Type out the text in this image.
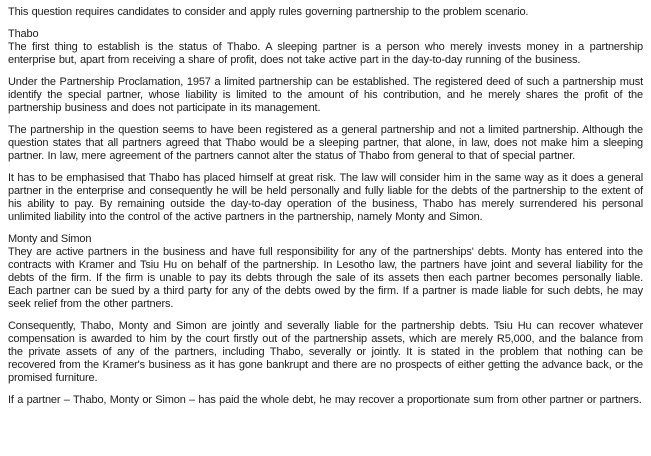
This question requires candidates to consider and apply rules governing partnership to the problem scenario.

Thabo

The first thing to establish is the status of Thabo. A sleeping partner is a person who merely invests money in a partnership enterprise but, apart from receiving a share of profit, does not take active part in the day-to-day running of the business.

Under the Partnership Proclamation, 1957 a limited partnership can be established. The registered deed of such a partnership must identify the special partner, whose liability is limited to the amount of his contribution, and he merely shares the profit of the partnership business and does not participate in its management.

The partnership in the question seems to have been registered as a general partnership and not a limited partnership. Although the question states that all partners agreed that Thabo would be a sleeping partner, that alone, in law, does not make him a sleeping partner. In law, mere agreement of the partners cannot alter the status of Thabo from general to that of special partner.

It has to be emphasised that Thabo has placed himself at great risk. The law will consider him in the same way as it does a general partner in the enterprise and consequently he will be held personally and fully liable for the debts of the partnership to the extent of his ability to pay. By remaining outside the day-to-day operation of the business, Thabo has merely surrendered his personal unlimited liability into the control of the active partners in the partnership, namely Monty and Simon.

Monty and Simon

They are active partners in the business and have full responsibility for any of the partnerships' debts. Monty has entered into the contracts with Kramer and Tsiu Hu on behalf of the partnership. In Lesotho law, the partners have joint and several liability for the debts of the firm. If the firm is unable to pay its debts through the sale of its assets then each partner becomes personally liable. Each partner can be sued by a third party for any of the debts owed by the firm. If a partner is made liable for such debts, he may seek relief from the other partners.

Consequently, Thabo, Monty and Simon are jointly and severally liable for the partnership debts. Tsiu Hu can recover whatever compensation is awarded to him by the court firstly out of the partnership assets, which are merely R5,000, and the balance from the private assets of any of the partners, including Thabo, severally or jointly. It is stated in the problem that nothing can be recovered from the Kramer's business as it has gone bankrupt and there are no prospects of either getting the advance back, or the promised furniture.

If a partner – Thabo, Monty or Simon – has paid the whole debt, he may recover a proportionate sum from other partner or partners.
